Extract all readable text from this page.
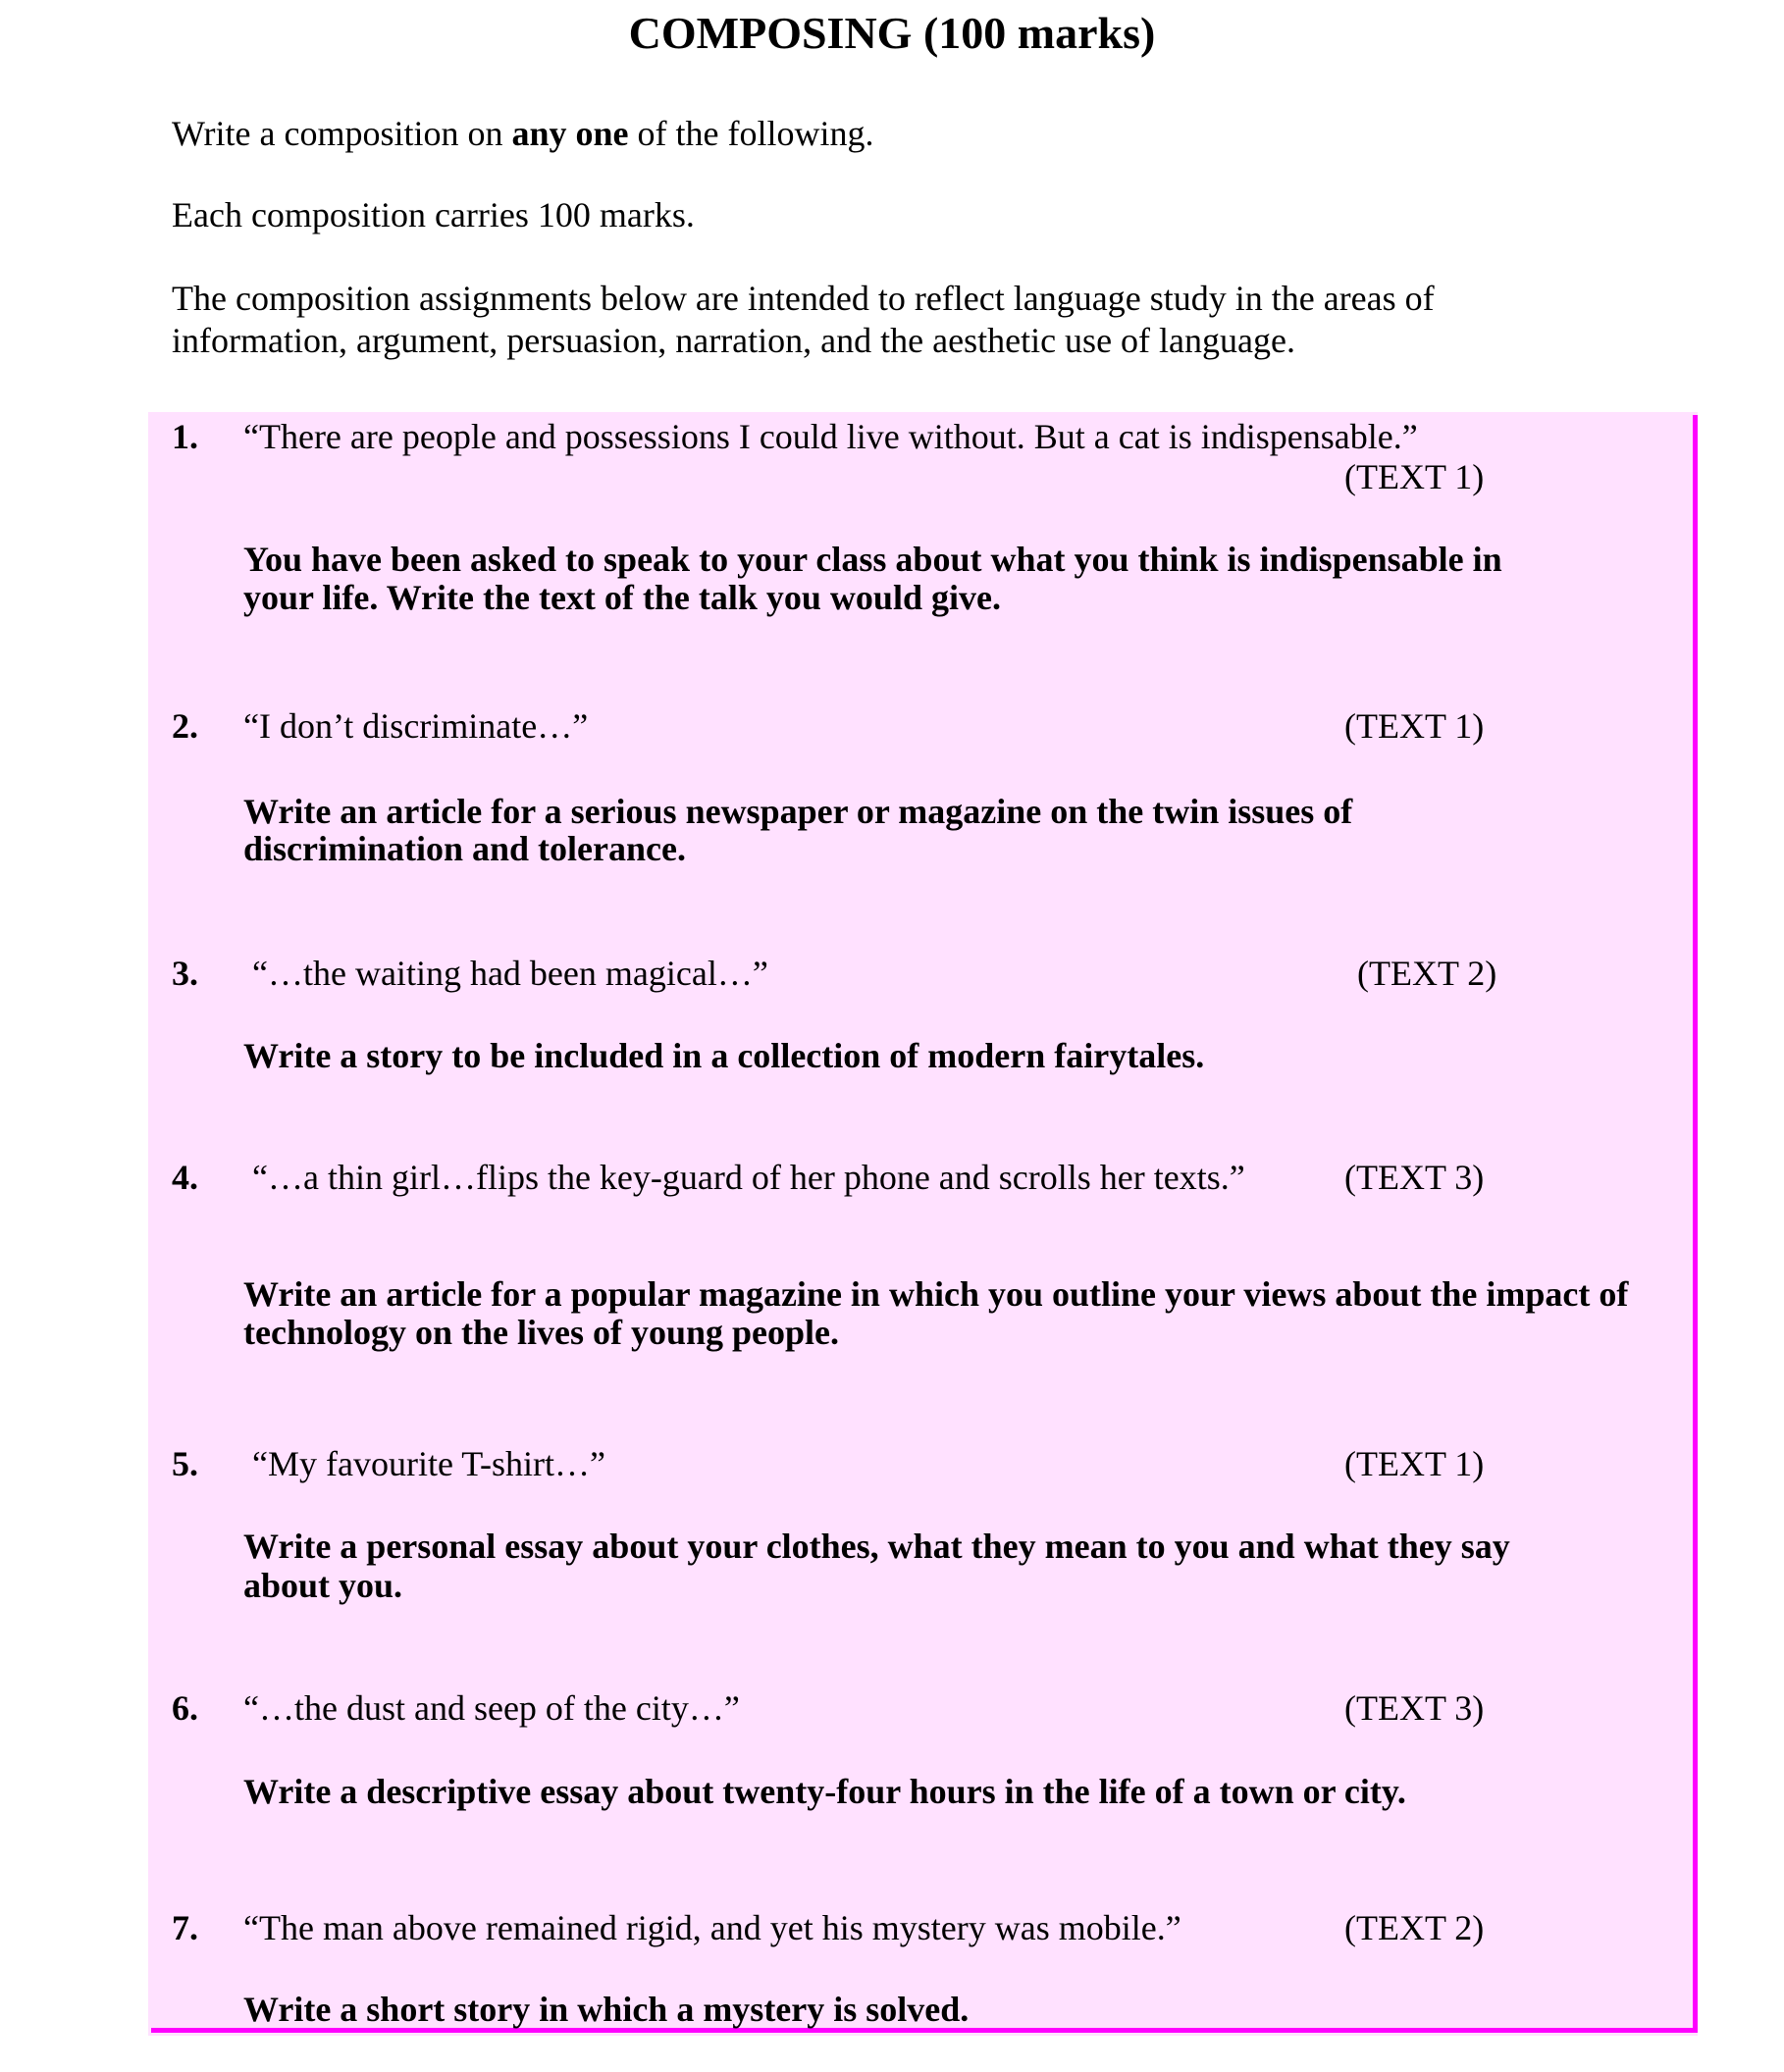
COMPOSING (100 marks)
Write a composition on any one of the following.
Each composition carries 100 marks.
The composition assignments below are intended to reflect language study in the areas of
information, argument, persuasion, narration, and the aesthetic use of language.
1. “There are people and possessions I could live without. But a cat is indispensable.”
(TEXT 1)
You have been asked to speak to your class about what you think is indispensable in
your life. Write the text of the talk you would give.
2. “I don’t discriminate…”	(TEXT 1)
Write an article for a serious newspaper or magazine on the twin issues of
discrimination and tolerance.
3. “…the waiting had been magical…”	(TEXT 2)
Write a story to be included in a collection of modern fairytales.
4. “…a thin girl…flips the key-guard of her phone and scrolls her texts.”	(TEXT 3)
Write an article for a popular magazine in which you outline your views about the impact of
technology on the lives of young people.
5. “My favourite T-shirt…”	(TEXT 1)
Write a personal essay about your clothes, what they mean to you and what they say
about you.
6. “…the dust and seep of the city…”	(TEXT 3)
Write a descriptive essay about twenty-four hours in the life of a town or city.
7. “The man above remained rigid, and yet his mystery was mobile.”	(TEXT 2)
Write a short story in which a mystery is solved.
